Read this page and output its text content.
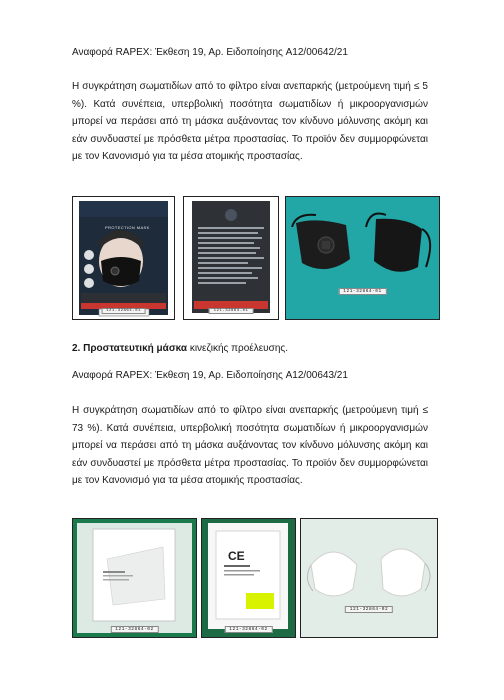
Αναφορά RAPEX: Έκθεση 19, Αρ. Ειδοποίησης A12/00642/21

Η συγκράτηση σωματιδίων από το φίλτρο είναι ανεπαρκής (μετρούμενη τιμή ≤ 5 %). Κατά συνέπεια, υπερβολική ποσότητα σωματιδίων ή μικροοργανισμών μπορεί να περάσει από τη μάσκα αυξάνοντας τον κίνδυνο μόλυνσης ακόμη και εάν συνδυαστεί με πρόσθετα μέτρα προστασίας. Το προϊόν δεν συμμορφώνεται με τον Κανονισμό για τα μέσα ατομικής προστασίας.

PROTECTION MASK
121-32864-01	121-32864-01
121-32864-01

2. Προστατευτική μάσκα κινεζικής προέλευσης.

Αναφορά RAPEX: Έκθεση 19, Αρ. Ειδοποίησης A12/00643/21

Η συγκράτηση σωματιδίων από το φίλτρο είναι ανεπαρκής (μετρούμενη τιμή ≤ 73 %). Κατά συνέπεια, υπερβολική ποσότητα σωματιδίων ή μικροοργανισμών μπορεί να περάσει από τη μάσκα αυξάνοντας τον κίνδυνο μόλυνσης ακόμη και εάν συνδυαστεί με πρόσθετα μέτρα προστασίας. Το προϊόν δεν συμμορφώνεται με τον Κανονισμό για τα μέσα ατομικής προστασίας.

121-32864-02
CE
121-32864-02
121-32864-02
